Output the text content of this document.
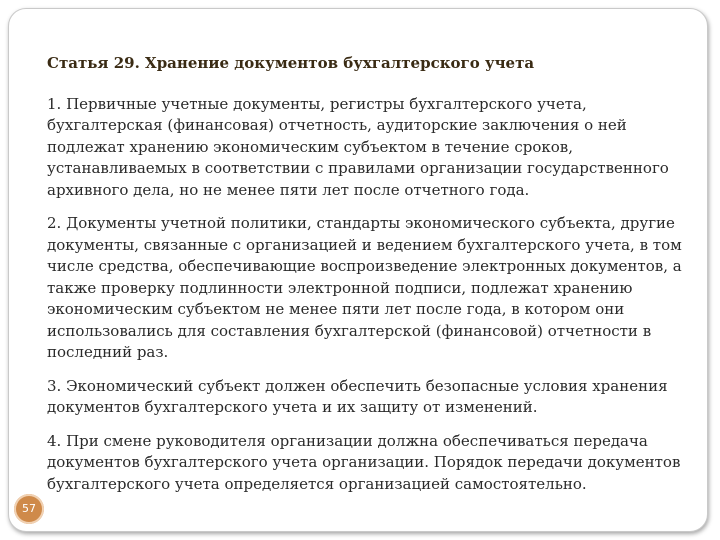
Статья 29. Хранение документов бухгалтерского учета

1. Первичные учетные документы, регистры бухгалтерского учета, бухгалтерская (финансовая) отчетность, аудиторские заключения о ней подлежат хранению экономическим субъектом в течение сроков, устанавливаемых в соответствии с правилами организации государственного архивного дела, но не менее пяти лет после отчетного года.

2. Документы учетной политики, стандарты экономического субъекта, другие документы, связанные с организацией и ведением бухгалтерского учета, в том числе средства, обеспечивающие воспроизведение электронных документов, а также проверку подлинности электронной подписи, подлежат хранению экономическим субъектом не менее пяти лет после года, в котором они использовались для составления бухгалтерской (финансовой) отчетности в последний раз.

3. Экономический субъект должен обеспечить безопасные условия хранения документов бухгалтерского учета и их защиту от изменений.

4. При смене руководителя организации должна обеспечиваться передача документов бухгалтерского учета организации. Порядок передачи документов бухгалтерского учета определяется организацией самостоятельно.

57
